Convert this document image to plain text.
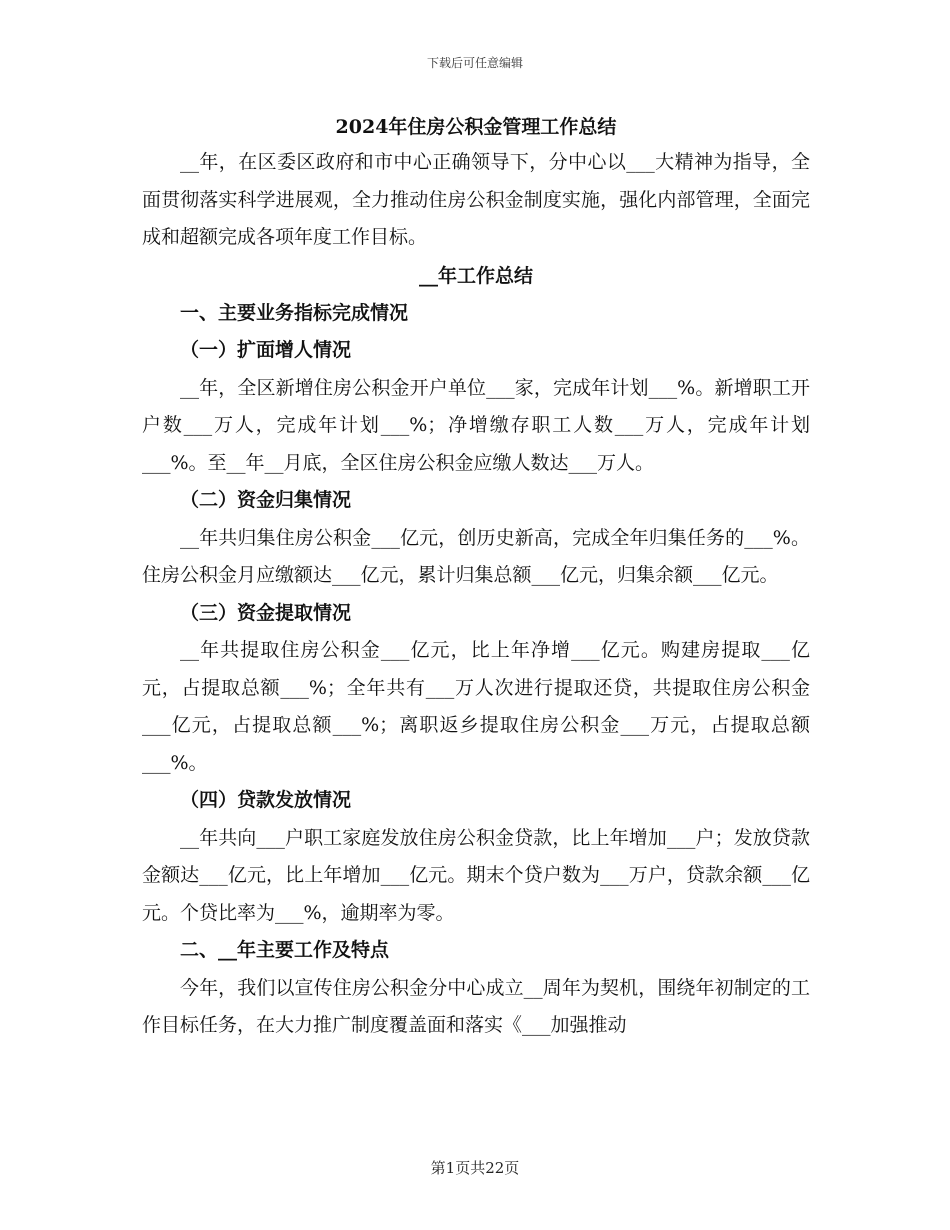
下载后可任意编辑
2024年住房公积金管理工作总结

__年，在区委区政府和市中心正确领导下，分中心以___大精神为指导，全面贯彻落实科学进展观，全力推动住房公积金制度实施，强化内部管理，全面完成和超额完成各项年度工作目标。

__年工作总结
一、主要业务指标完成情况
（一）扩面增人情况

__年，全区新增住房公积金开户单位___家，完成年计划___%。新增职工开户数___万人，完成年计划___%；净增缴存职工人数___万人，完成年计划___%。至__年__月底，全区住房公积金应缴人数达___万人。

（二）资金归集情况

__年共归集住房公积金___亿元，创历史新高，完成全年归集任务的___%。住房公积金月应缴额达___亿元，累计归集总额___亿元，归集余额___亿元。

（三）资金提取情况

__年共提取住房公积金___亿元，比上年净增___亿元。购建房提取___亿元，占提取总额___%；全年共有___万人次进行提取还贷，共提取住房公积金___亿元，占提取总额___%；离职返乡提取住房公积金___万元，占提取总额___%。

（四）贷款发放情况

__年共向___户职工家庭发放住房公积金贷款，比上年增加___户；发放贷款金额达___亿元，比上年增加___亿元。期末个贷户数为___万户，贷款余额___亿元。个贷比率为___%，逾期率为零。

二、__年主要工作及特点

今年，我们以宣传住房公积金分中心成立__周年为契机，围绕年初制定的工作目标任务，在大力推广制度覆盖面和落实《___加强推动

第1页共22页
